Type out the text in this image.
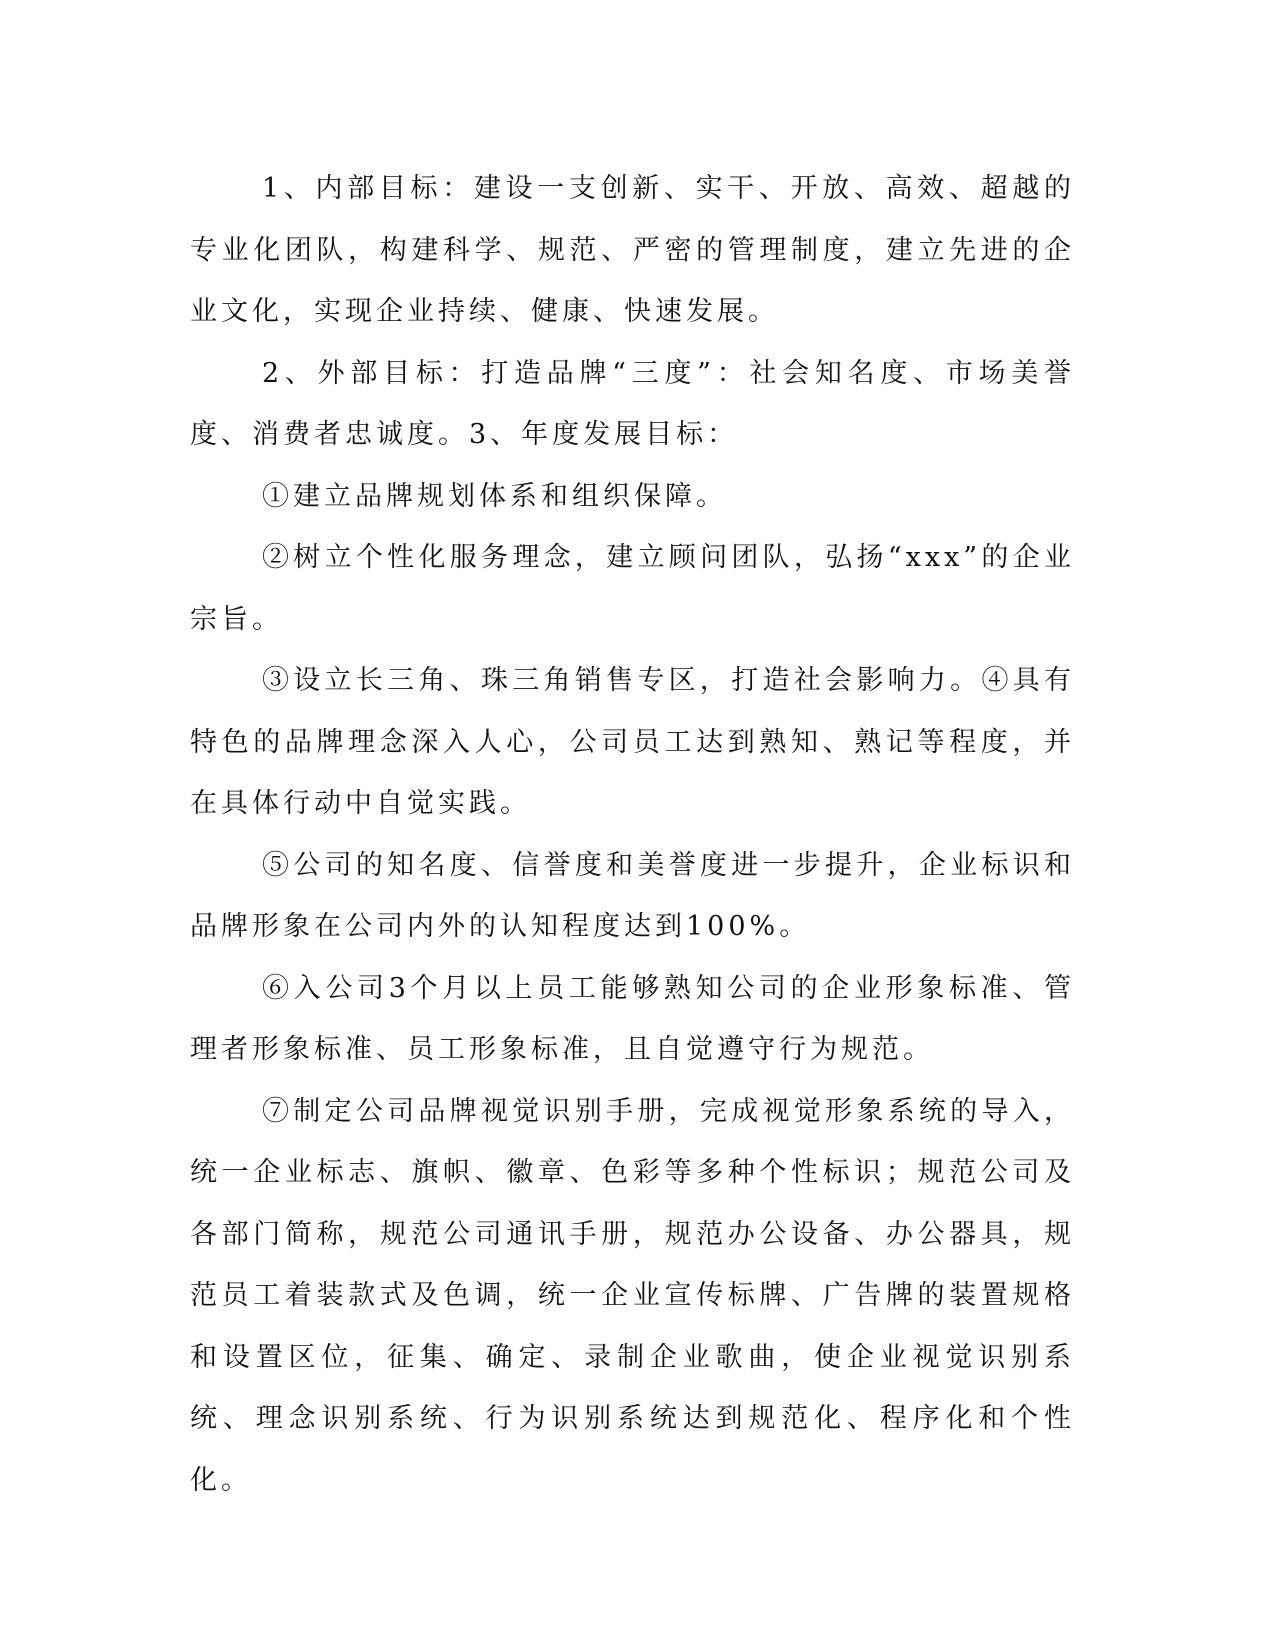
1、内部目标：建设一支创新、实干、开放、高效、超越的专业化团队，构建科学、规范、严密的管理制度，建立先进的企业文化，实现企业持续、健康、快速发展。

2、外部目标：打造品牌“三度”：社会知名度、市场美誉度、消费者忠诚度。3、年度发展目标：

①建立品牌规划体系和组织保障。

②树立个性化服务理念，建立顾问团队，弘扬“xxx”的企业宗旨。

③设立长三角、珠三角销售专区，打造社会影响力。④具有特色的品牌理念深入人心，公司员工达到熟知、熟记等程度，并在具体行动中自觉实践。

⑤公司的知名度、信誉度和美誉度进一步提升，企业标识和品牌形象在公司内外的认知程度达到100%。

⑥入公司3个月以上员工能够熟知公司的企业形象标准、管理者形象标准、员工形象标准，且自觉遵守行为规范。

⑦制定公司品牌视觉识别手册，完成视觉形象系统的导入，统一企业标志、旗帜、徽章、色彩等多种个性标识；规范公司及各部门简称，规范公司通讯手册，规范办公设备、办公器具，规范员工着装款式及色调，统一企业宣传标牌、广告牌的装置规格和设置区位，征集、确定、录制企业歌曲，使企业视觉识别系统、理念识别系统、行为识别系统达到规范化、程序化和个性化。
